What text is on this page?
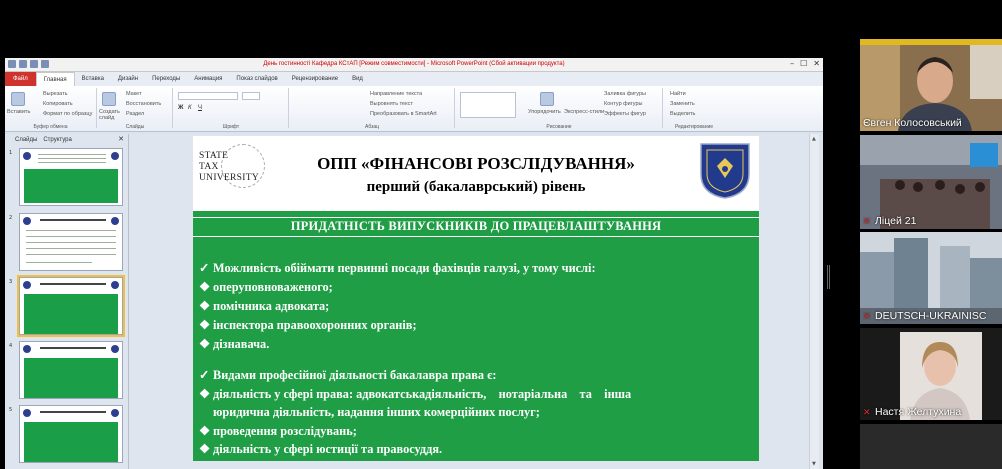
День гостинності Кафедра КСтАП [Режим совместимости] - Microsoft PowerPoint (Сбой активации продукта)	– ☐ ✕
Файл	Главная	Вставка	Дизайн	Переходы	Анимация	Показ слайдов	Рецензирование	Вид
Вставить
Вырезать
Копировать
Формат по образцу
Буфер обмена
Создать слайд
Макет
Восстановить
Раздел
Слайды
Ж К Ч
Шрифт
Направление текста
Выровнять текст
Преобразовать в SmartArt
Абзац
Упорядочить Экспресс-стили
Заливка фигуры
Контур фигуры
Эффекты фигур
Рисование
Найти
Заменить
Выделить
Редактирование
Слайды Структура	✕
1
2
3
4
5
STATE
TAX
UNIVERSITY
ОПП «ФІНАНСОВІ РОЗСЛІДУВАННЯ»
перший (бакалаврський) рівень
ПРИДАТНІСТЬ ВИПУСКНИКІВ ДО ПРАЦЕВЛАШТУВАННЯ
✓ Можливість обіймати первинні посади фахівців галузі, у тому числі:
❖ оперуповноваженого;
❖ помічника адвоката;
❖ інспектора правоохоронних органів;
❖ дізнавача.
✓ Видами професійної діяльності бакалавра права є:
❖ діяльність у сфері права: адвокатськадіяльність,    нотаріальна    та    інша
юридична діяльність, надання інших комерційних послуг;
❖ проведення розслідувань;
❖ діяльність у сфері юстиції та правосуддя.
▲
▼
Євген Колосовський
✕ Ліцей 21
✕ DEUTSCH-UKRAINISC
✕ Настя Желтухина
